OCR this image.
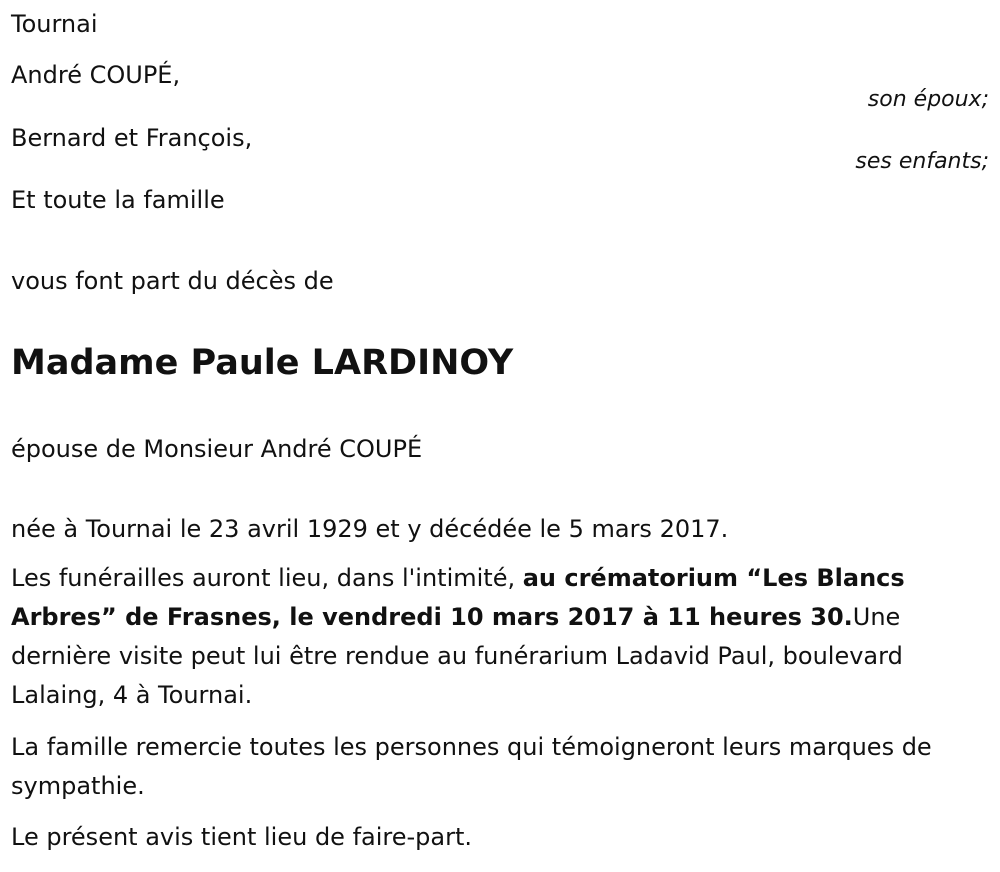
Tournai
André COUPÉ,
son époux;
Bernard et François,
ses enfants;
Et toute la famille
vous font part du décès de
Madame Paule LARDINOY
épouse de Monsieur André COUPÉ
née à Tournai le 23 avril 1929 et y décédée le 5 mars 2017.
Les funérailles auront lieu, dans l'intimité, au crématorium “Les Blancs Arbres” de Frasnes, le vendredi 10 mars 2017 à 11 heures 30.Une dernière visite peut lui être rendue au funérarium Ladavid Paul, boulevard Lalaing, 4 à Tournai.
La famille remercie toutes les personnes qui témoigneront leurs marques de sympathie.
Le présent avis tient lieu de faire-part.
